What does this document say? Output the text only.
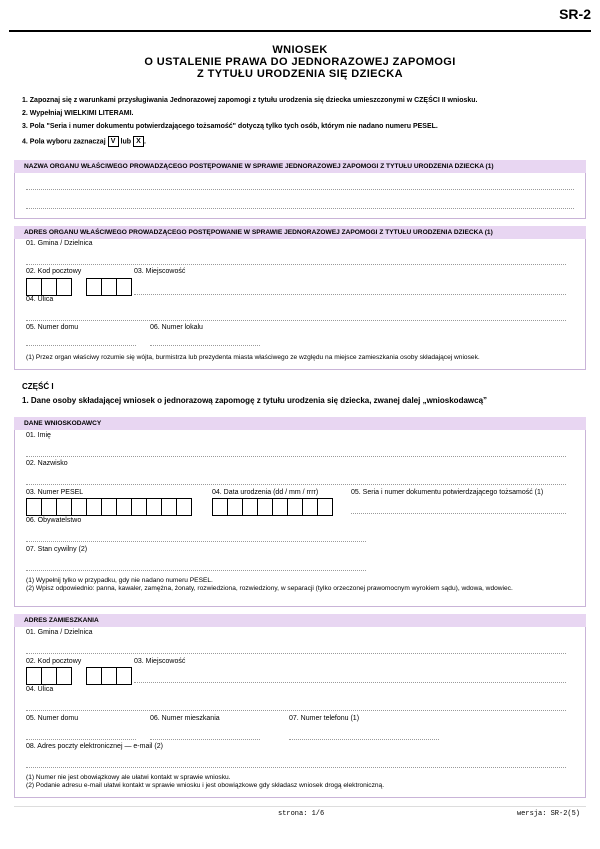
SR-2
WNIOSEK
O USTALENIE PRAWA DO JEDNORAZOWEJ ZAPOMOGI
Z TYTUŁU URODZENIA SIĘ DZIECKA
1. Zapoznaj się z warunkami przysługiwania Jednorazowej zapomogi z tytułu urodzenia się dziecka umieszczonymi w CZĘŚCI II wniosku.
2. Wypełniaj WIELKIMI LITERAMI.
3. Pola "Seria i numer dokumentu potwierdzającego tożsamość" dotyczą tylko tych osób, którym nie nadano numeru PESEL.
4. Pola wyboru zaznaczaj V lub X .
NAZWA ORGANU WŁAŚCIWEGO PROWADZĄCEGO POSTĘPOWANIE W SPRAWIE JEDNORAZOWEJ ZAPOMOGI Z TYTUŁU URODZENIA DZIECKA (1)
ADRES ORGANU WŁAŚCIWEGO PROWADZĄCEGO POSTĘPOWANIE W SPRAWIE JEDNORAZOWEJ ZAPOMOGI Z TYTUŁU URODZENIA DZIECKA (1)
01. Gmina / Dzielnica
02. Kod pocztowy	03. Miejscowość
04. Ulica
05. Numer domu	06. Numer lokalu
(1) Przez organ właściwy rozumie się wójta, burmistrza lub prezydenta miasta właściwego ze względu na miejsce zamieszkania osoby składającej wniosek.
CZĘŚĆ I
1. Dane osoby składającej wniosek o jednorazową zapomogę z tytułu urodzenia się dziecka, zwanej dalej „wnioskodawcą”
DANE WNIOSKODAWCY
01. Imię
02. Nazwisko
03. Numer PESEL	04. Data urodzenia (dd / mm / rrrr)	05. Seria i numer dokumentu potwierdzającego tożsamość (1)
06. Obywatelstwo
07. Stan cywilny (2)
(1) Wypełnij tylko w przypadku, gdy nie nadano numeru PESEL.
(2) Wpisz odpowiednio: panna, kawaler, zamężna, żonaty, rozwiedziona, rozwiedziony, w separacji (tylko orzeczonej prawomocnym wyrokiem sądu), wdowa, wdowiec.
ADRES ZAMIESZKANIA
01. Gmina / Dzielnica
02. Kod pocztowy	03. Miejscowość
04. Ulica
05. Numer domu	06. Numer mieszkania	07. Numer telefonu (1)
08. Adres poczty elektronicznej — e-mail (2)
(1) Numer nie jest obowiązkowy ale ułatwi kontakt w sprawie wniosku.
(2) Podanie adresu e-mail ułatwi kontakt w sprawie wniosku i jest obowiązkowe gdy składasz wniosek drogą elektroniczną.
strona: 1/6	wersja: SR-2(5)
